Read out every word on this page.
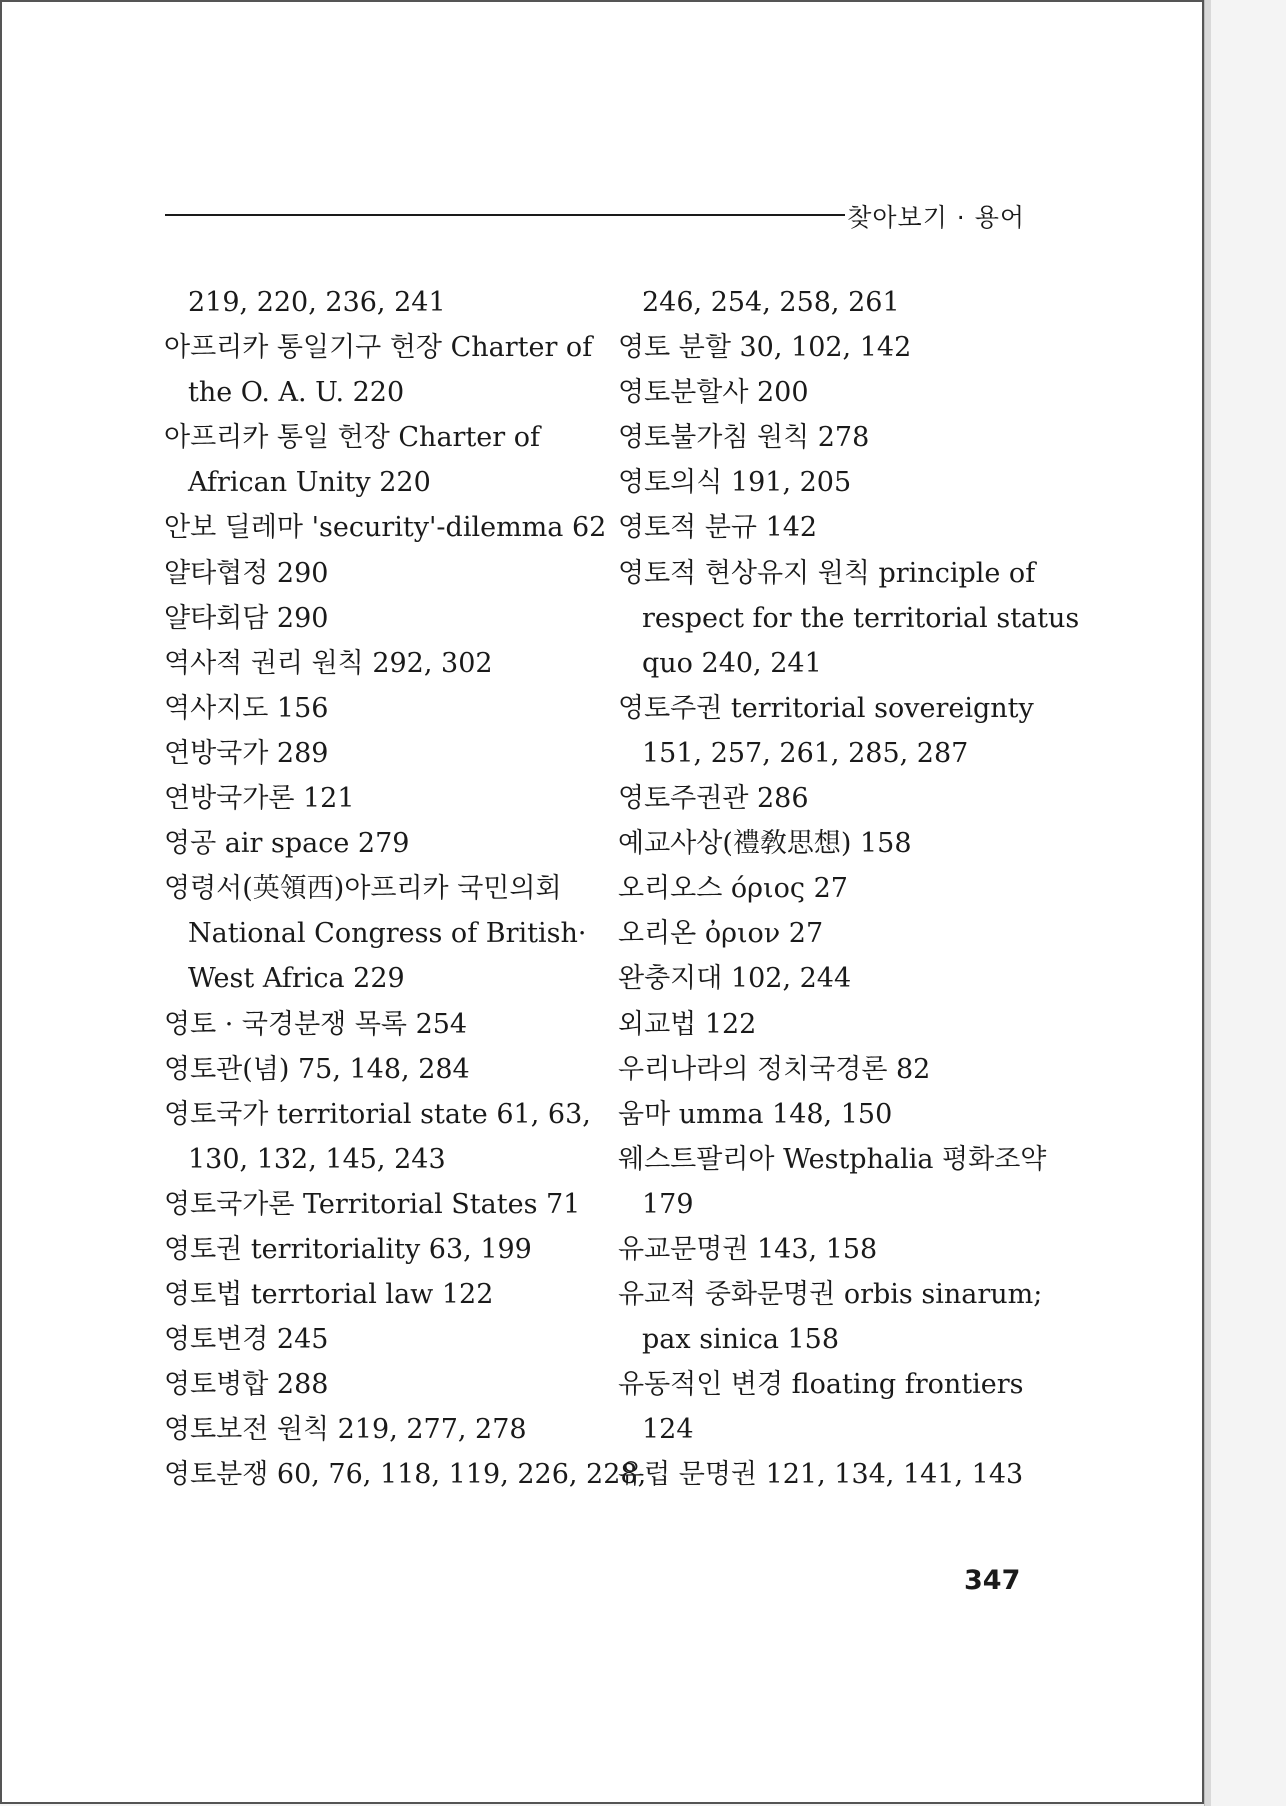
찾아보기 · 용어
219, 220, 236, 241
아프리카 통일기구 헌장 Charter of
the O. A. U. 220
아프리카 통일 헌장 Charter of
African Unity 220
안보 딜레마 'security'-dilemma 62
얄타협정 290
얄타회담 290
역사적 권리 원칙 292, 302
역사지도 156
연방국가 289
연방국가론 121
영공 air space 279
영령서(英領西)아프리카 국민의회
National Congress of British·
West Africa 229
영토 · 국경분쟁 목록 254
영토관(념) 75, 148, 284
영토국가 territorial state 61, 63,
130, 132, 145, 243
영토국가론 Territorial States 71
영토권 territoriality 63, 199
영토법 terrtorial law 122
영토변경 245
영토병합 288
영토보전 원칙 219, 277, 278
영토분쟁 60, 76, 118, 119, 226, 228,
246, 254, 258, 261
영토 분할 30, 102, 142
영토분할사 200
영토불가침 원칙 278
영토의식 191, 205
영토적 분규 142
영토적 현상유지 원칙 principle of
respect for the territorial status
quo 240, 241
영토주권 territorial sovereignty
151, 257, 261, 285, 287
영토주권관 286
예교사상(禮敎思想) 158
오리오스 όριος 27
오리온 ὀριον 27
완충지대 102, 244
외교법 122
우리나라의 정치국경론 82
움마 umma 148, 150
웨스트팔리아 Westphalia 평화조약
179
유교문명권 143, 158
유교적 중화문명권 orbis sinarum;
pax sinica 158
유동적인 변경 floating frontiers
124
유럽 문명권 121, 134, 141, 143
347
